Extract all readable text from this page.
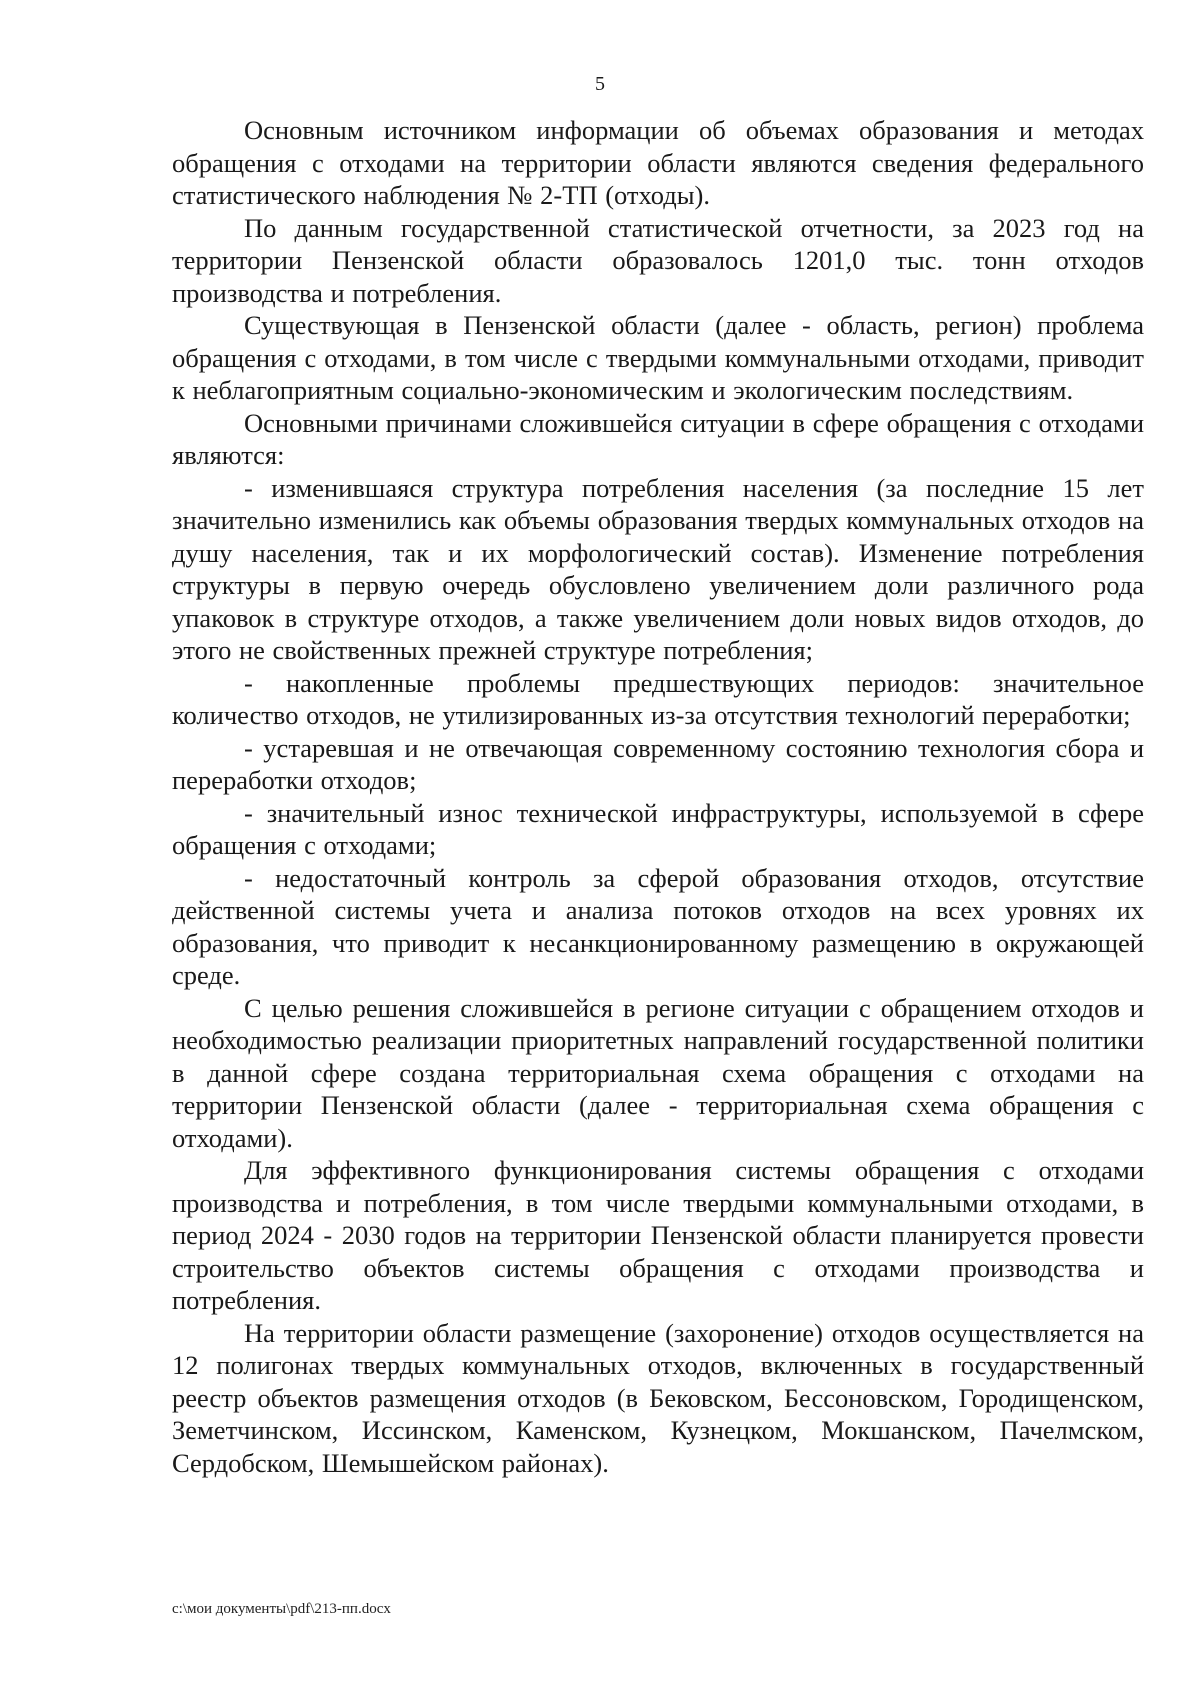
5

Основным источником информации об объемах образования и методах обращения с отходами на территории области являются сведения федерального статистического наблюдения № 2-ТП (отходы).

По данным государственной статистической отчетности, за 2023 год на территории Пензенской области образовалось 1201,0 тыс. тонн отходов производства и потребления.

Существующая в Пензенской области (далее - область, регион) проблема обращения с отходами, в том числе с твердыми коммунальными отходами, приводит к неблагоприятным социально-экономическим и экологическим последствиям.

Основными причинами сложившейся ситуации в сфере обращения с отходами являются:

- изменившаяся структура потребления населения (за последние 15 лет значительно изменились как объемы образования твердых коммунальных отходов на душу населения, так и их морфологический состав). Изменение потребления структуры в первую очередь обусловлено увеличением доли различного рода упаковок в структуре отходов, а также увеличением доли новых видов отходов, до этого не свойственных прежней структуре потребления;

- накопленные проблемы предшествующих периодов: значительное количество отходов, не утилизированных из-за отсутствия технологий переработки;

- устаревшая и не отвечающая современному состоянию технология сбора и переработки отходов;

- значительный износ технической инфраструктуры, используемой в сфере обращения с отходами;

- недостаточный контроль за сферой образования отходов, отсутствие действенной системы учета и анализа потоков отходов на всех уровнях их образования, что приводит к несанкционированному размещению в окружающей среде.

С целью решения сложившейся в регионе ситуации с обращением отходов и необходимостью реализации приоритетных направлений государственной политики в данной сфере создана территориальная схема обращения с отходами на территории Пензенской области (далее - территориальная схема обращения с отходами).

Для эффективного функционирования системы обращения с отходами производства и потребления, в том числе твердыми коммунальными отходами, в период 2024 - 2030 годов на территории Пензенской области планируется провести строительство объектов системы обращения с отходами производства и потребления.

На территории области размещение (захоронение) отходов осуществляется на 12 полигонах твердых коммунальных отходов, включенных в государственный реестр объектов размещения отходов (в Бековском, Бессоновском, Городищенском, Земетчинском, Иссинском, Каменском, Кузнецком, Мокшанском, Пачелмском, Сердобском, Шемышейском районах).

c:\мои документы\pdf\213-пп.docx
